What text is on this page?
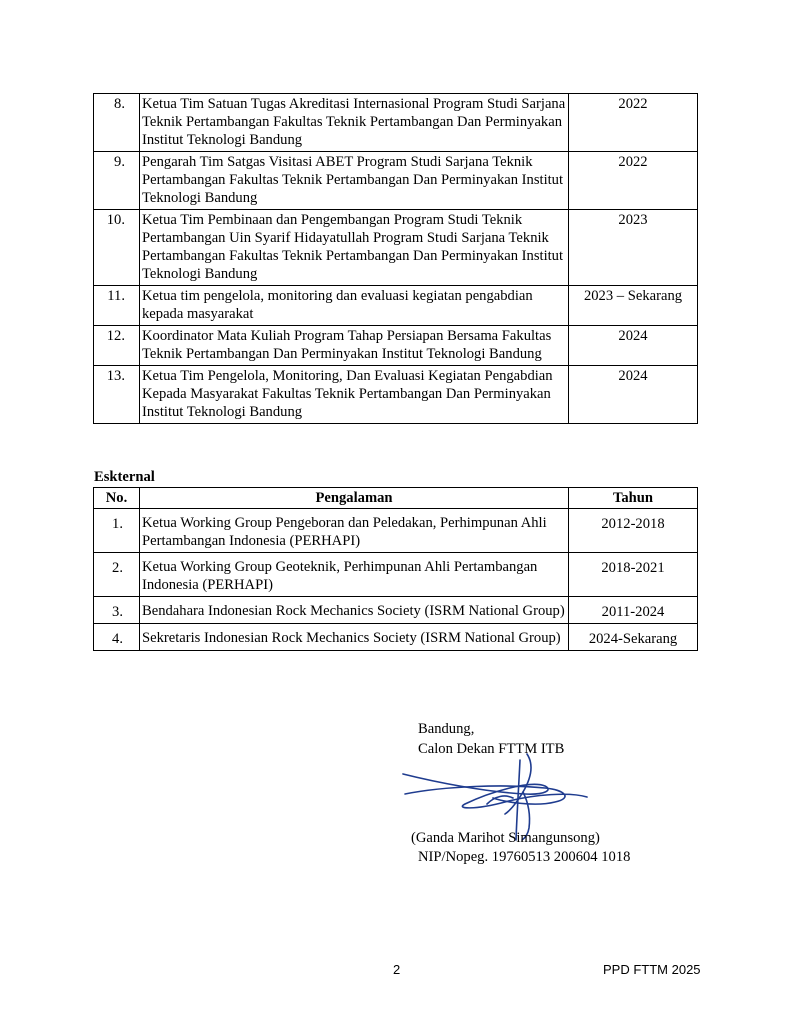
8.	Ketua Tim Satuan Tugas Akreditasi Internasional Program Studi Sarjana Teknik Pertambangan Fakultas Teknik Pertambangan Dan Perminyakan Institut Teknologi Bandung	2022
9.	Pengarah Tim Satgas Visitasi ABET Program Studi Sarjana Teknik Pertambangan Fakultas Teknik Pertambangan Dan Perminyakan Institut Teknologi Bandung	2022
10.	Ketua Tim Pembinaan dan Pengembangan Program Studi Teknik Pertambangan Uin Syarif Hidayatullah Program Studi Sarjana Teknik Pertambangan Fakultas Teknik Pertambangan Dan Perminyakan Institut Teknologi Bandung	2023
11.	Ketua tim pengelola, monitoring dan evaluasi kegiatan pengabdian kepada masyarakat	2023 – Sekarang
12.	Koordinator Mata Kuliah Program Tahap Persiapan Bersama Fakultas Teknik Pertambangan Dan Perminyakan Institut Teknologi Bandung	2024
13.	Ketua Tim Pengelola, Monitoring, Dan Evaluasi Kegiatan Pengabdian Kepada Masyarakat Fakultas Teknik Pertambangan Dan Perminyakan Institut Teknologi Bandung	2024
Eskternal
No.	Pengalaman	Tahun
1.	Ketua Working Group Pengeboran dan Peledakan, Perhimpunan Ahli Pertambangan Indonesia (PERHAPI)	2012-2018
2.	Ketua Working Group Geoteknik, Perhimpunan Ahli Pertambangan Indonesia (PERHAPI)	2018-2021
3.	Bendahara Indonesian Rock Mechanics Society (ISRM National Group)	2011-2024
4.	Sekretaris Indonesian Rock Mechanics Society (ISRM National Group)	2024-Sekarang
Bandung,
Calon Dekan FTTM ITB
(Ganda Marihot Simangunsong)
NIP/Nopeg. 19760513 200604 1018
2	PPD FTTM 2025
